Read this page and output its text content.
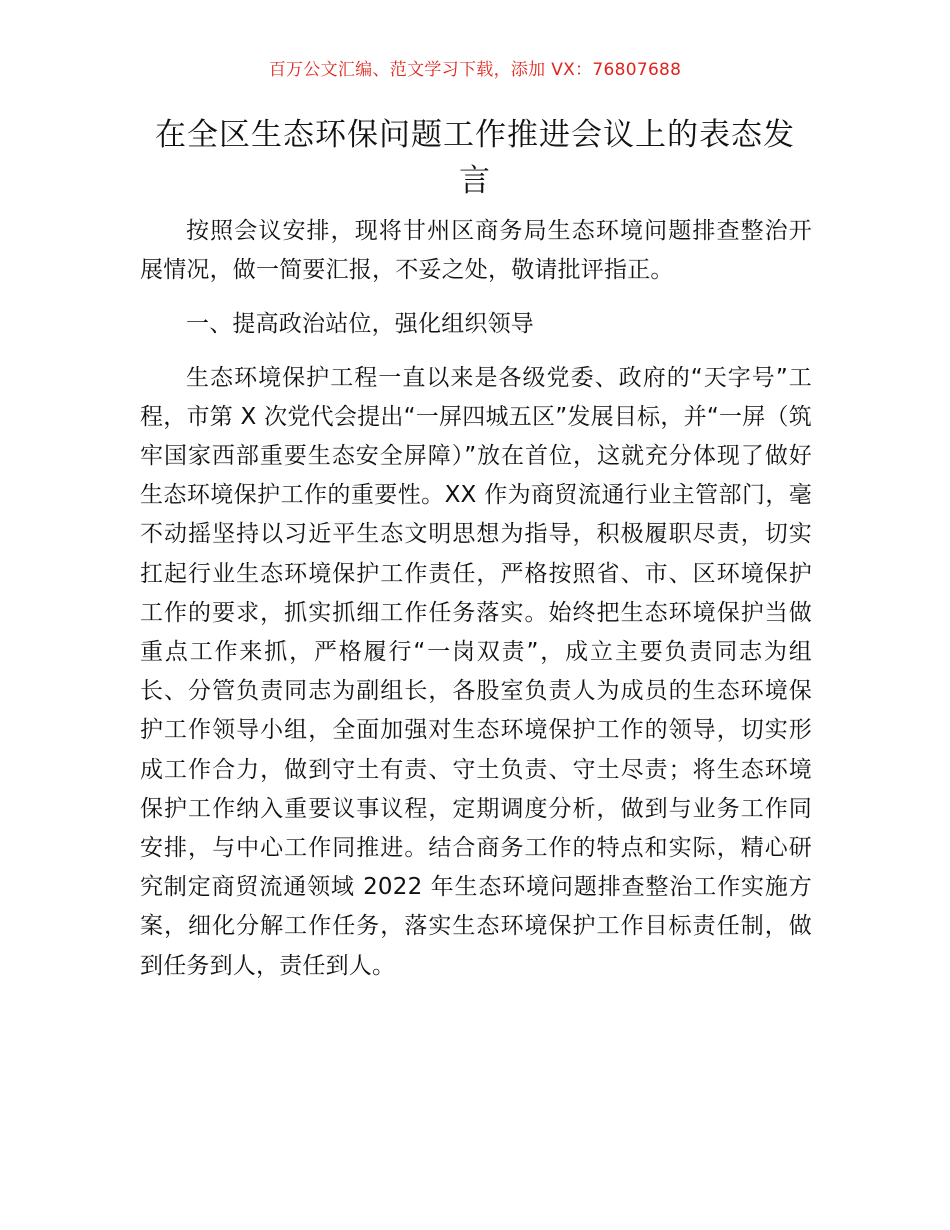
百万公文汇编、范文学习下载，添加 VX：76807688
在全区生态环保问题工作推进会议上的表态发言

按照会议安排，现将甘州区商务局生态环境问题排查整治开展情况，做一简要汇报，不妥之处，敬请批评指正。

一、提高政治站位，强化组织领导

生态环境保护工程一直以来是各级党委、政府的“天字号”工程，市第 X 次党代会提出“一屏四城五区”发展目标，并“一屏（筑牢国家西部重要生态安全屏障）”放在首位，这就充分体现了做好生态环境保护工作的重要性。XX 作为商贸流通行业主管部门，毫不动摇坚持以习近平生态文明思想为指导，积极履职尽责，切实扛起行业生态环境保护工作责任，严格按照省、市、区环境保护工作的要求，抓实抓细工作任务落实。始终把生态环境保护当做重点工作来抓，严格履行“一岗双责”，成立主要负责同志为组长、分管负责同志为副组长，各股室负责人为成员的生态环境保护工作领导小组，全面加强对生态环境保护工作的领导，切实形成工作合力，做到守土有责、守土负责、守土尽责；将生态环境保护工作纳入重要议事议程，定期调度分析，做到与业务工作同安排，与中心工作同推进。结合商务工作的特点和实际，精心研究制定商贸流通领域 2022 年生态环境问题排查整治工作实施方案，细化分解工作任务，落实生态环境保护工作目标责任制，做到任务到人，责任到人。
